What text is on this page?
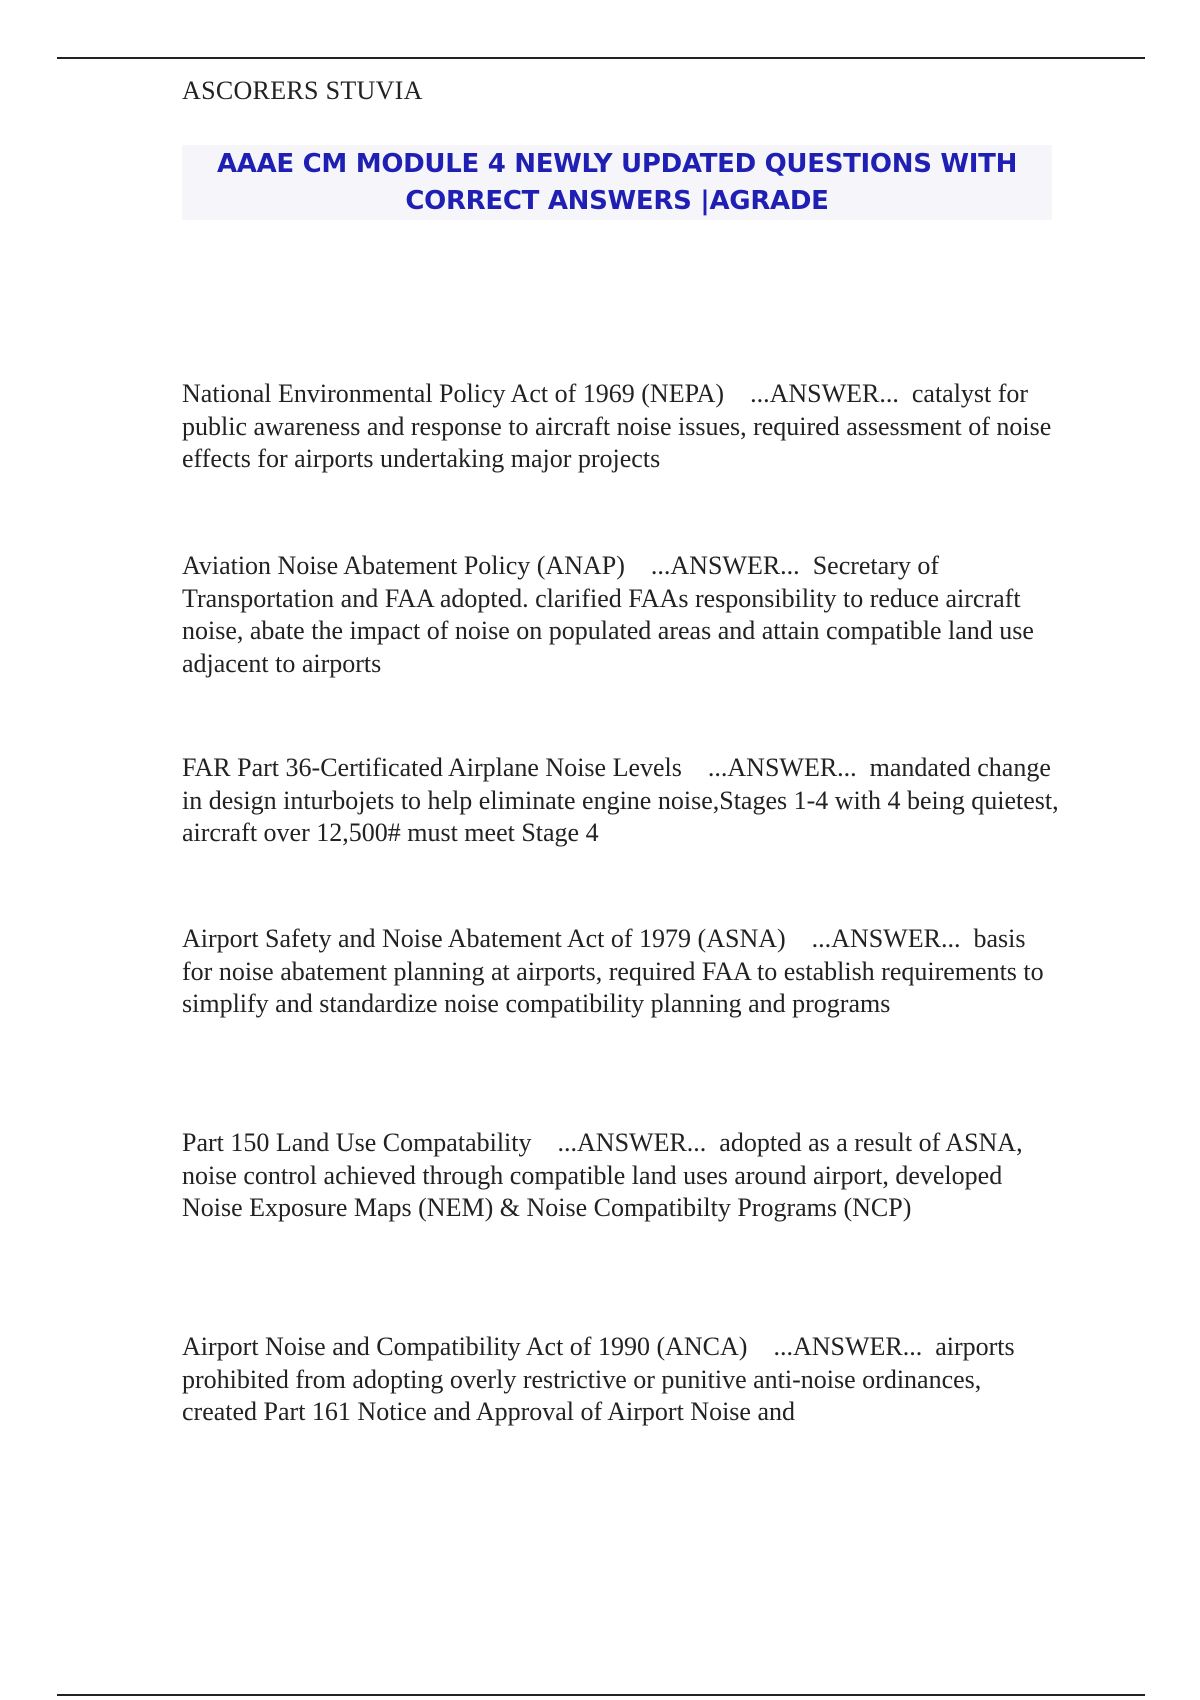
ASCORERS STUVIA
AAAE CM MODULE 4 NEWLY UPDATED QUESTIONS WITH CORRECT ANSWERS |AGRADE

National Environmental Policy Act of 1969 (NEPA)    ...ANSWER...  catalyst for public awareness and response to aircraft noise issues, required assessment of noise effects for airports undertaking major projects

Aviation Noise Abatement Policy (ANAP)    ...ANSWER...  Secretary of Transportation and FAA adopted. clarified FAAs responsibility to reduce aircraft noise, abate the impact of noise on populated areas and attain compatible land use adjacent to airports

FAR Part 36-Certificated Airplane Noise Levels    ...ANSWER...  mandated change in design inturbojets to help eliminate engine noise,Stages 1-4 with 4 being quietest, aircraft over 12,500# must meet Stage 4

Airport Safety and Noise Abatement Act of 1979 (ASNA)    ...ANSWER...  basis for noise abatement planning at airports, required FAA to establish requirements to simplify and standardize noise compatibility planning and programs

Part 150 Land Use Compatability    ...ANSWER...  adopted as a result of ASNA, noise control achieved through compatible land uses around airport, developed Noise Exposure Maps (NEM) & Noise Compatibilty Programs (NCP)

Airport Noise and Compatibility Act of 1990 (ANCA)    ...ANSWER...  airports prohibited from adopting overly restrictive or punitive anti-noise ordinances, created Part 161 Notice and Approval of Airport Noise and
